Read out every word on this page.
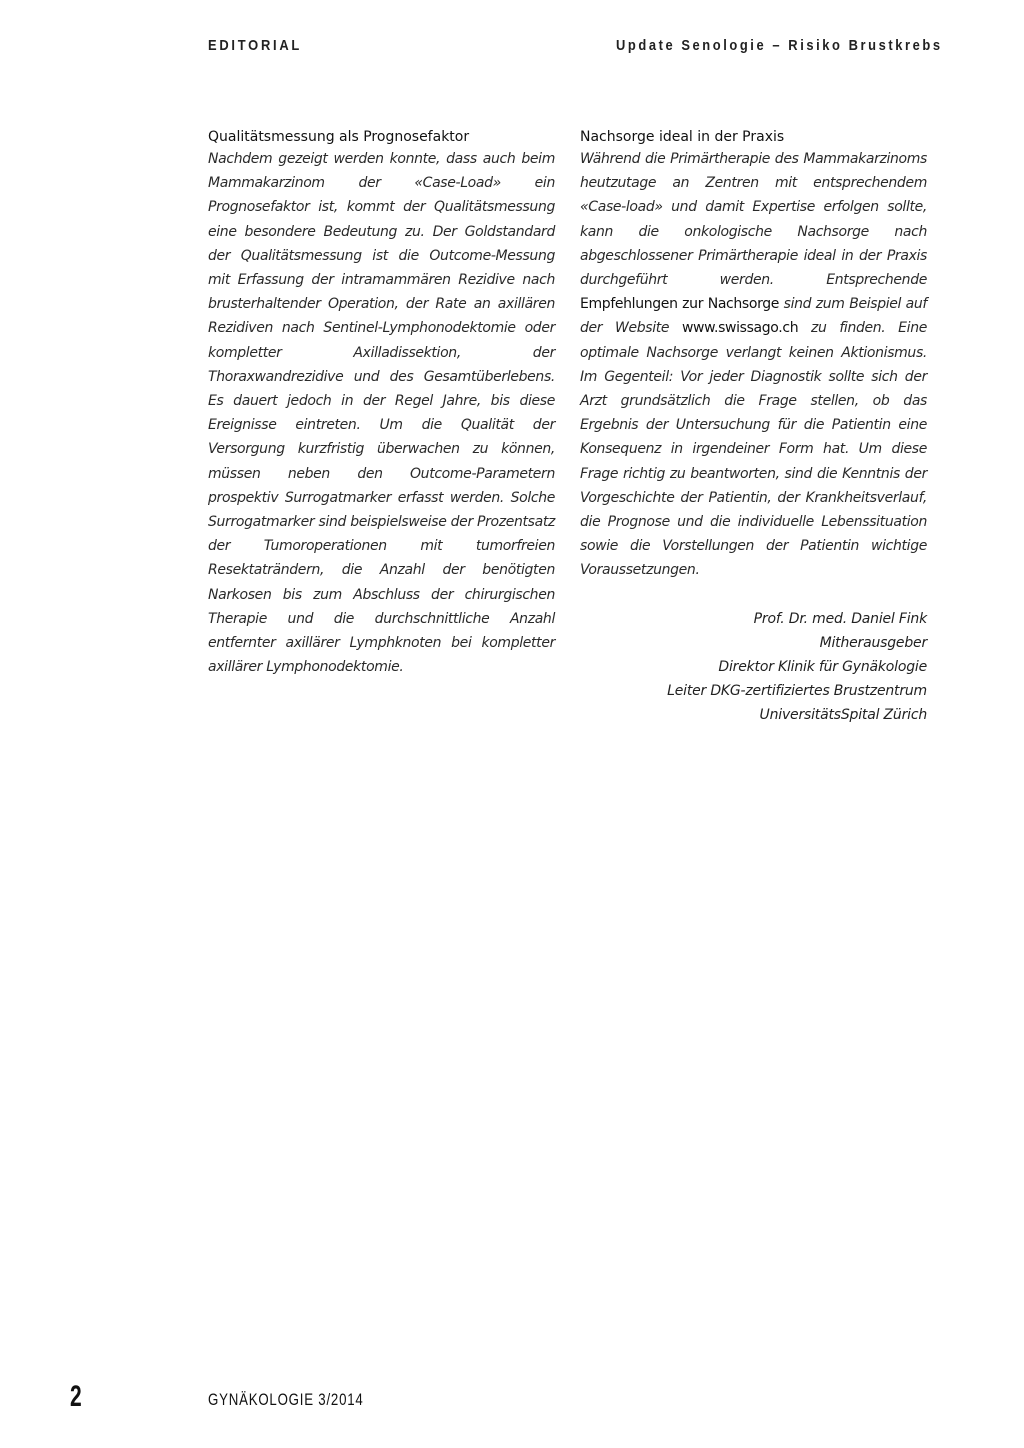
EDITORIAL	Update Senologie – Risiko Brustkrebs
Qualitätsmessung als Prognosefaktor

Nachdem gezeigt werden konnte, dass auch beim Mammakarzinom der «Case-Load» ein Prognosefaktor ist, kommt der Qualitätsmessung eine besondere Bedeutung zu. Der Goldstandard der Qualitätsmessung ist die Outcome-Messung mit Erfassung der intramammären Rezidive nach brusterhaltender Operation, der Rate an axillären Rezidiven nach Sentinel-Lymphonodektomie oder kompletter Axilladissektion, der Thoraxwandrezidive und des Gesamtüberlebens. Es dauert jedoch in der Regel Jahre, bis diese Ereignisse eintreten. Um die Qualität der Versorgung kurzfristig überwachen zu können, müssen neben den Outcome-Parametern prospektiv Surrogatmarker erfasst werden. Solche Surrogatmarker sind beispielsweise der Prozentsatz der Tumoroperationen mit tumorfreien Resektaträndern, die Anzahl der benötigten Narkosen bis zum Abschluss der chirurgischen Therapie und die durchschnittliche Anzahl entfernter axillärer Lymphknoten bei kompletter axillärer Lymphonodektomie.

Nachsorge ideal in der Praxis

Während die Primärtherapie des Mammakarzinoms heutzutage an Zentren mit entsprechendem «Case-load» und damit Expertise erfolgen sollte, kann die onkologische Nachsorge nach abgeschlossener Primärtherapie ideal in der Praxis durchgeführt werden. Entsprechende Empfehlungen zur Nachsorge sind zum Beispiel auf der Website www.swissago.ch zu finden. Eine optimale Nachsorge verlangt keinen Aktionismus. Im Gegenteil: Vor jeder Diagnostik sollte sich der Arzt grundsätzlich die Frage stellen, ob das Ergebnis der Untersuchung für die Patientin eine Konsequenz in irgendeiner Form hat. Um diese Frage richtig zu beantworten, sind die Kenntnis der Vorgeschichte der Patientin, der Krankheitsverlauf, die Prognose und die individuelle Lebenssituation sowie die Vorstellungen der Patientin wichtige Voraussetzungen.

Prof. Dr. med. Daniel Fink
Mitherausgeber
Direktor Klinik für Gynäkologie
Leiter DKG-zertifiziertes Brustzentrum
UniversitätsSpital Zürich
2	GYNÄKOLOGIE 3/2014
